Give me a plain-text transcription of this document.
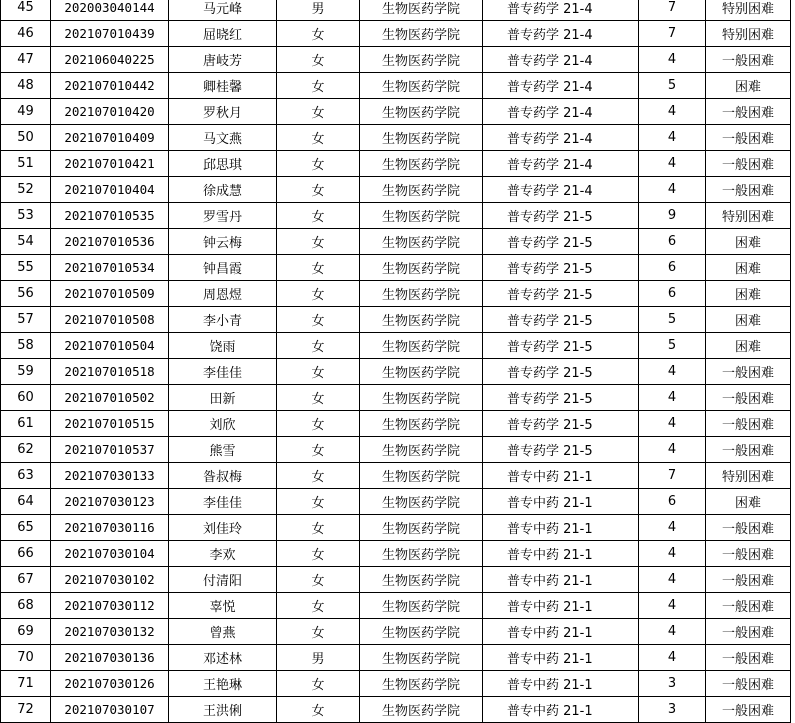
45	202003040144	马元峰	男	生物医药学院	普专药学 21-4	7	特别困难
46	202107010439	屈晓红	女	生物医药学院	普专药学 21-4	7	特别困难
47	202106040225	唐岐芳	女	生物医药学院	普专药学 21-4	4	一般困难
48	202107010442	卿桂馨	女	生物医药学院	普专药学 21-4	5	困难
49	202107010420	罗秋月	女	生物医药学院	普专药学 21-4	4	一般困难
50	202107010409	马文燕	女	生物医药学院	普专药学 21-4	4	一般困难
51	202107010421	邱思琪	女	生物医药学院	普专药学 21-4	4	一般困难
52	202107010404	徐成慧	女	生物医药学院	普专药学 21-4	4	一般困难
53	202107010535	罗雪丹	女	生物医药学院	普专药学 21-5	9	特别困难
54	202107010536	钟云梅	女	生物医药学院	普专药学 21-5	6	困难
55	202107010534	钟昌霞	女	生物医药学院	普专药学 21-5	6	困难
56	202107010509	周恩煜	女	生物医药学院	普专药学 21-5	6	困难
57	202107010508	李小青	女	生物医药学院	普专药学 21-5	5	困难
58	202107010504	饶雨	女	生物医药学院	普专药学 21-5	5	困难
59	202107010518	李佳佳	女	生物医药学院	普专药学 21-5	4	一般困难
60	202107010502	田新	女	生物医药学院	普专药学 21-5	4	一般困难
61	202107010515	刘欣	女	生物医药学院	普专药学 21-5	4	一般困难
62	202107010537	熊雪	女	生物医药学院	普专药学 21-5	4	一般困难
63	202107030133	昝叔梅	女	生物医药学院	普专中药 21-1	7	特别困难
64	202107030123	李佳佳	女	生物医药学院	普专中药 21-1	6	困难
65	202107030116	刘佳玲	女	生物医药学院	普专中药 21-1	4	一般困难
66	202107030104	李欢	女	生物医药学院	普专中药 21-1	4	一般困难
67	202107030102	付清阳	女	生物医药学院	普专中药 21-1	4	一般困难
68	202107030112	辜悦	女	生物医药学院	普专中药 21-1	4	一般困难
69	202107030132	曾燕	女	生物医药学院	普专中药 21-1	4	一般困难
70	202107030136	邓述林	男	生物医药学院	普专中药 21-1	4	一般困难
71	202107030126	王艳琳	女	生物医药学院	普专中药 21-1	3	一般困难
72	202107030107	王洪俐	女	生物医药学院	普专中药 21-1	3	一般困难
